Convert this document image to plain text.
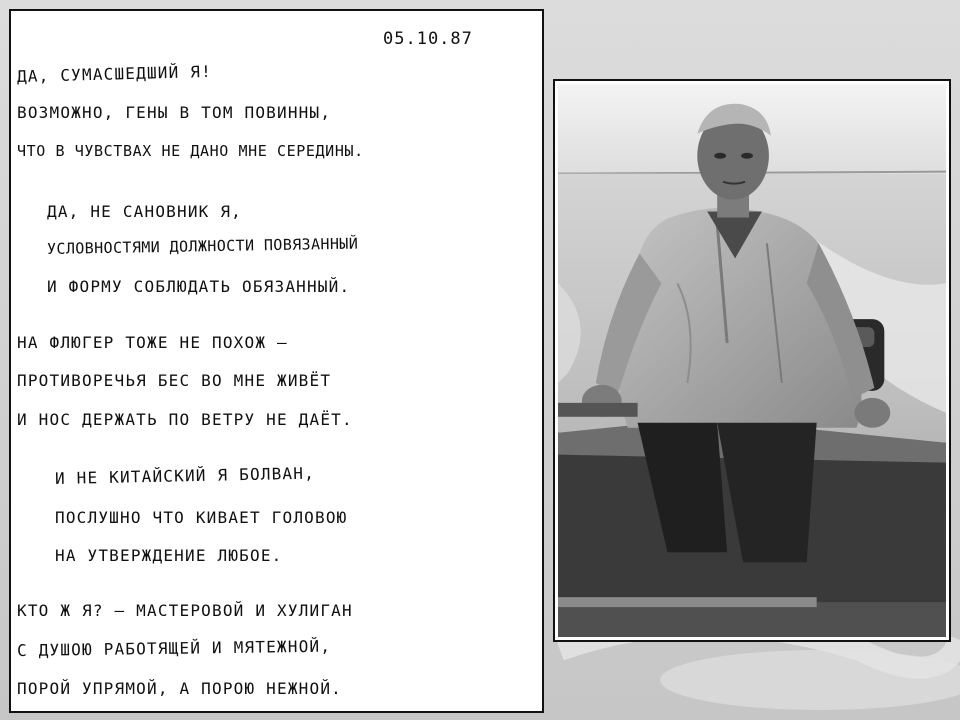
05.10.87
ДА, СУМАСШЕДШИЙ Я!
ВОЗМОЖНО, ГЕНЫ В ТОМ ПОВИННЫ,
ЧТО В ЧУВСТВАХ НЕ ДАНО МНЕ СЕРЕДИНЫ.
ДА, НЕ САНОВНИК Я,
УСЛОВНОСТЯМИ ДОЛЖНОСТИ ПОВЯЗАННЫЙ
И ФОРМУ СОБЛЮДАТЬ ОБЯЗАННЫЙ.
НА ФЛЮГЕР ТОЖЕ НЕ ПОХОЖ —
ПРОТИВОРЕЧЬЯ БЕС ВО МНЕ ЖИВЁТ
И НОС ДЕРЖАТЬ ПО ВЕТРУ НЕ ДАЁТ.
И НЕ КИТАЙСКИЙ Я БОЛВАН,
ПОСЛУШНО ЧТО КИВАЕТ ГОЛОВОЮ
НА УТВЕРЖДЕНИЕ ЛЮБОЕ.
КТО Ж Я? — МАСТЕРОВОЙ И ХУЛИГАН
С ДУШОЮ РАБОТЯЩЕЙ И МЯТЕЖНОЙ,
ПОРОЙ УПРЯМОЙ, А ПОРОЮ НЕЖНОЙ.
